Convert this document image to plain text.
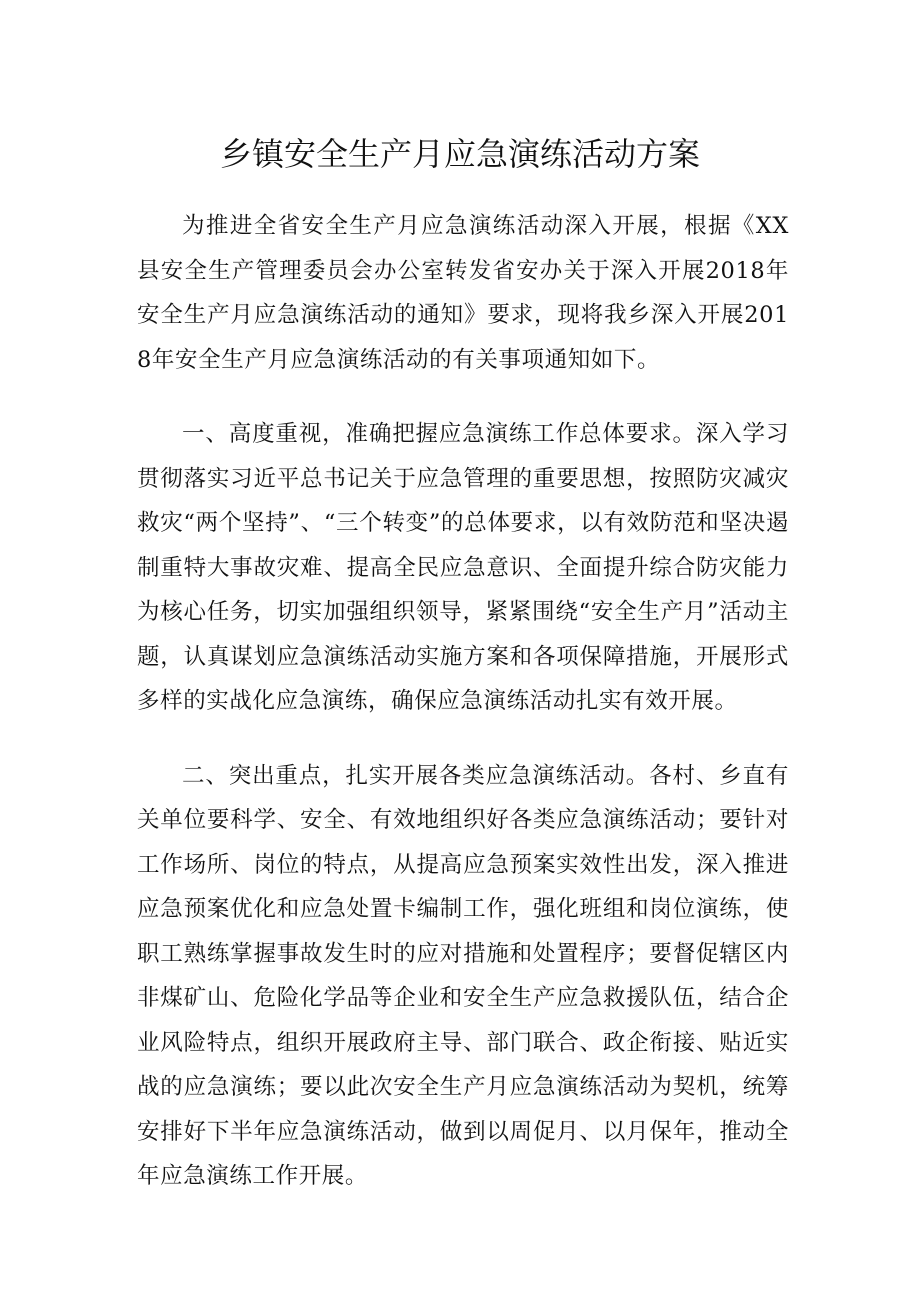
乡镇安全生产月应急演练活动方案

为推进全省安全生产月应急演练活动深入开展，根据《XX县安全生产管理委员会办公室转发省安办关于深入开展2018年安全生产月应急演练活动的通知》要求，现将我乡深入开展2018年安全生产月应急演练活动的有关事项通知如下。

一、高度重视，准确把握应急演练工作总体要求。深入学习贯彻落实习近平总书记关于应急管理的重要思想，按照防灾减灾救灾“两个坚持”、“三个转变”的总体要求，以有效防范和坚决遏制重特大事故灾难、提高全民应急意识、全面提升综合防灾能力为核心任务，切实加强组织领导，紧紧围绕“安全生产月”活动主题，认真谋划应急演练活动实施方案和各项保障措施，开展形式多样的实战化应急演练，确保应急演练活动扎实有效开展。

二、突出重点，扎实开展各类应急演练活动。各村、乡直有关单位要科学、安全、有效地组织好各类应急演练活动；要针对工作场所、岗位的特点，从提高应急预案实效性出发，深入推进应急预案优化和应急处置卡编制工作，强化班组和岗位演练，使职工熟练掌握事故发生时的应对措施和处置程序；要督促辖区内非煤矿山、危险化学品等企业和安全生产应急救援队伍，结合企业风险特点，组织开展政府主导、部门联合、政企衔接、贴近实战的应急演练；要以此次安全生产月应急演练活动为契机，统筹安排好下半年应急演练活动，做到以周促月、以月保年，推动全年应急演练工作开展。
